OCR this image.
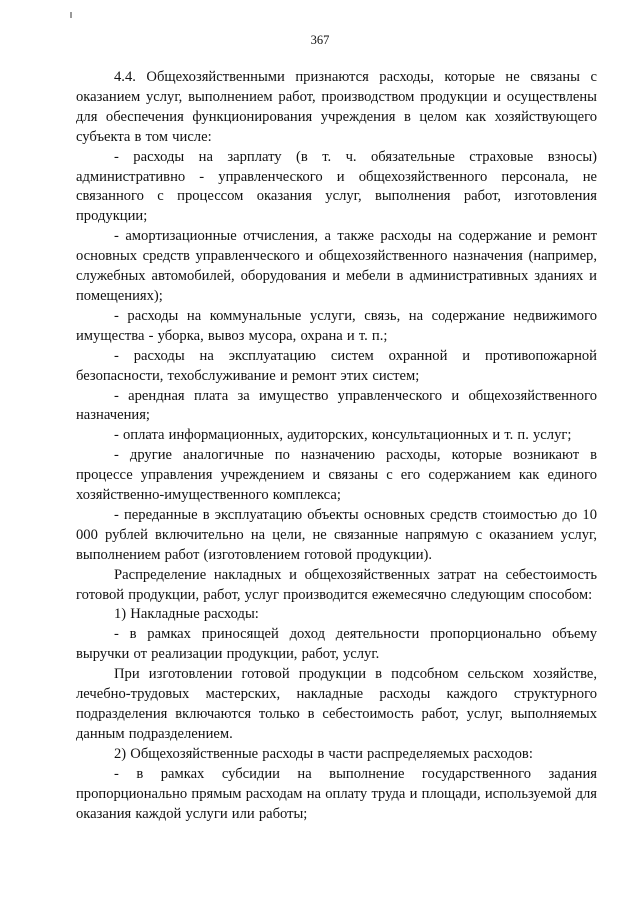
367

4.4. Общехозяйственными признаются расходы, которые не связаны с оказанием услуг, выполнением работ, производством продукции и осуществлены для обеспечения функционирования учреждения в целом как хозяйствующего субъекта в том числе:

- расходы на зарплату (в т. ч. обязательные страховые взносы) административно - управленческого и общехозяйственного персонала, не связанного с процессом оказания услуг, выполнения работ, изготовления продукции;

- амортизационные отчисления, а также расходы на содержание и ремонт основных средств управленческого и общехозяйственного назначения (например, служебных автомобилей, оборудования и мебели в административных зданиях и помещениях);

- расходы на коммунальные услуги, связь, на содержание недвижимого имущества - уборка, вывоз мусора, охрана и т. п.;

- расходы на эксплуатацию систем охранной и противопожарной безопасности, техобслуживание и ремонт этих систем;

- арендная плата за имущество управленческого и общехозяйственного назначения;

- оплата информационных, аудиторских, консультационных и т. п. услуг;

- другие аналогичные по назначению расходы, которые возникают в процессе управления учреждением и связаны с его содержанием как единого хозяйственно-имущественного комплекса;

- переданные в эксплуатацию объекты основных средств стоимостью до 10 000 рублей включительно на цели, не связанные напрямую с оказанием услуг, выполнением работ (изготовлением готовой продукции).

Распределение накладных и общехозяйственных затрат на себестоимость готовой продукции, работ, услуг производится ежемесячно следующим способом:

1) Накладные расходы:

- в рамках приносящей доход деятельности пропорционально объему выручки от реализации продукции, работ, услуг.

При изготовлении готовой продукции в подсобном сельском хозяйстве, лечебно-трудовых мастерских, накладные расходы каждого структурного подразделения включаются только в себестоимость работ, услуг, выполняемых данным подразделением.

2) Общехозяйственные расходы в части распределяемых расходов:

- в рамках субсидии на выполнение государственного задания пропорционально прямым расходам на оплату труда и площади, используемой для оказания каждой услуги или работы;
